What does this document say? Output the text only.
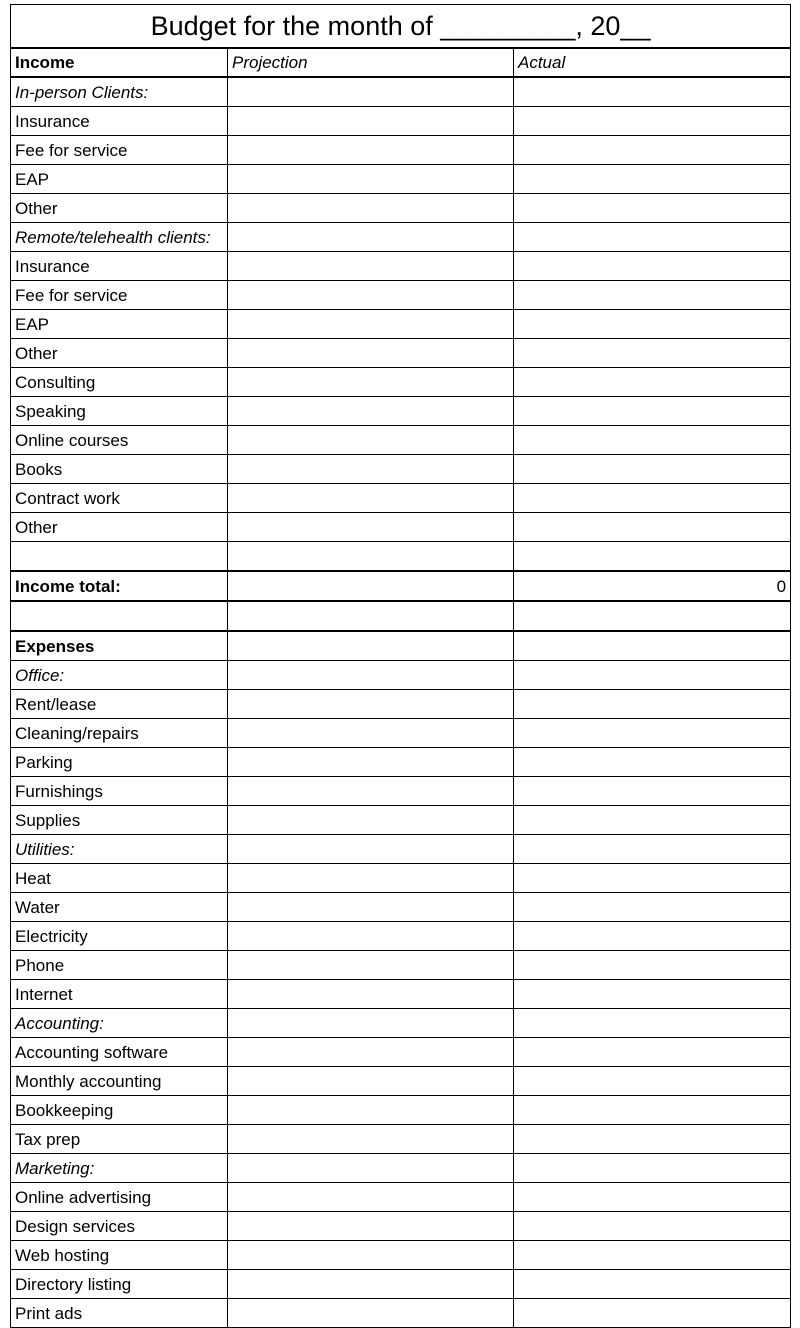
Budget for the month of _________, 20__		
Income	Projection	Actual
In-person Clients:		
Insurance		
Fee for service		
EAP		
Other		
Remote/telehealth clients:		
Insurance		
Fee for service		
EAP		
Other		
Consulting		
Speaking		
Online courses		
Books		
Contract work		
Other		

Income total:		0

Expenses		
Office:		
Rent/lease		
Cleaning/repairs		
Parking		
Furnishings		
Supplies		
Utilities:		
Heat		
Water		
Electricity		
Phone		
Internet		
Accounting:		
Accounting software		
Monthly accounting		
Bookkeeping		
Tax prep		
Marketing:		
Online advertising		
Design services		
Web hosting		
Directory listing		
Print ads		
